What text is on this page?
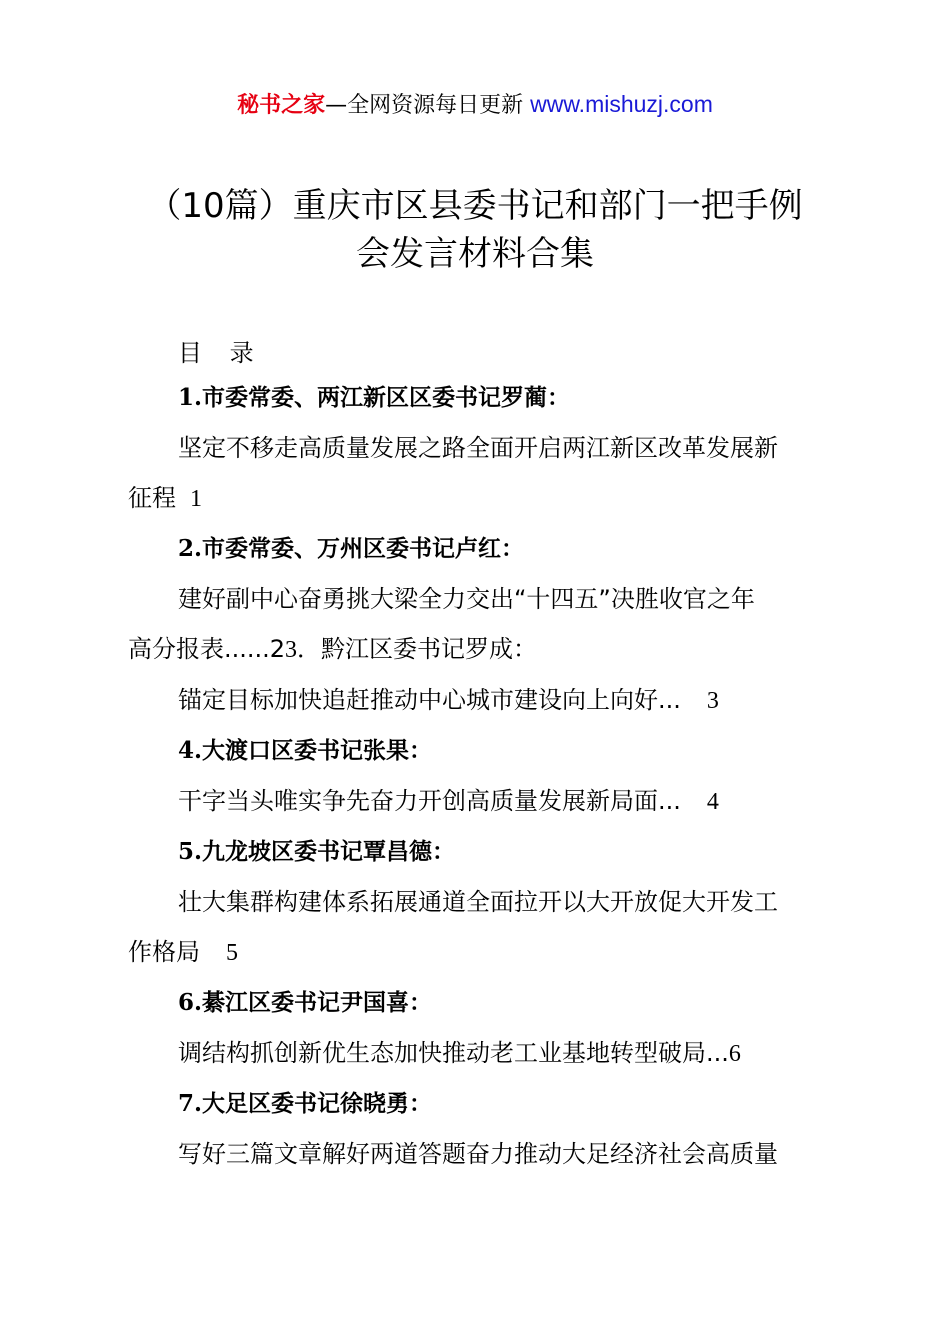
秘书之家—全网资源每日更新 www.mishuzj.com
（10篇）重庆市区县委书记和部门一把手例
会发言材料合集
目 录
1.市委常委、两江新区区委书记罗蔺：
坚定不移走高质量发展之路全面开启两江新区改革发展新
征程 1
2.市委常委、万州区委书记卢红：
建好副中心奋勇挑大梁全力交出“十四五”决胜收官之年
高分报表......23．黔江区委书记罗成：
锚定目标加快追赶推动中心城市建设向上向好... 3
4.大渡口区委书记张果：
干字当头唯实争先奋力开创高质量发展新局面... 4
5.九龙坡区委书记覃昌德：
壮大集群构建体系拓展通道全面拉开以大开放促大开发工
作格局 5
6.綦江区委书记尹国喜：
调结构抓创新优生态加快推动老工业基地转型破局...6
7.大足区委书记徐晓勇：
写好三篇文章解好两道答题奋力推动大足经济社会高质量
